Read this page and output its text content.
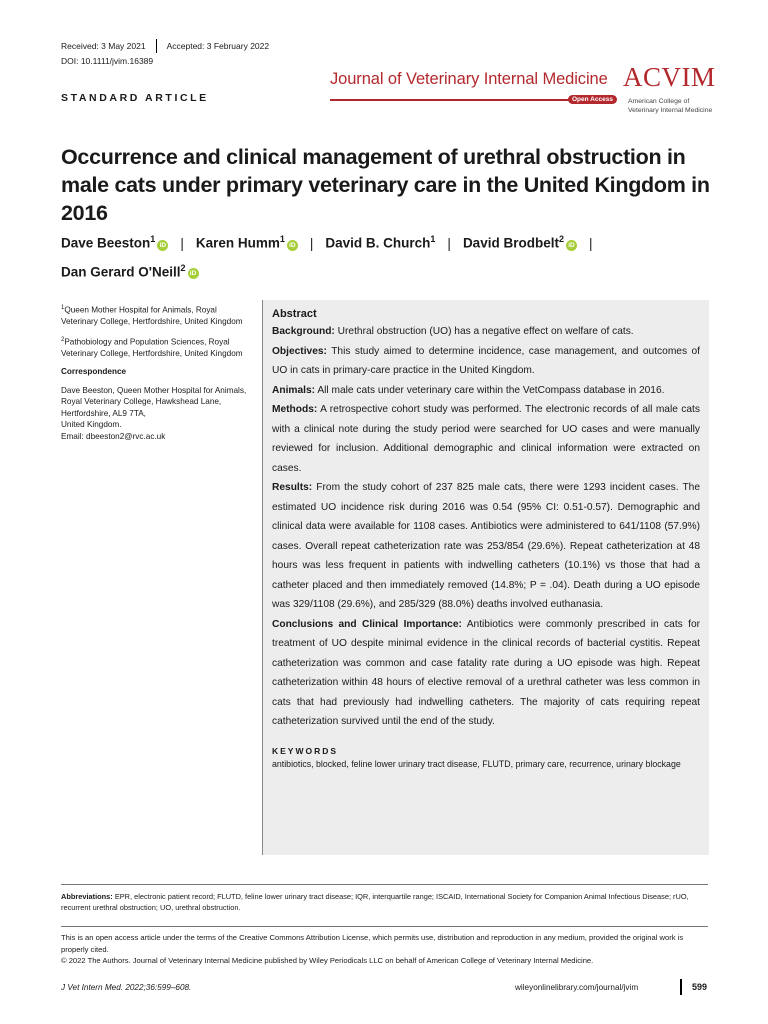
Received: 3 May 2021 Accepted: 3 February 2022
DOI: 10.1111/jvim.16389
Journal of Veterinary Internal Medicine
Open Access
ACVIM
American College of
Veterinary Internal Medicine
STANDARD ARTICLE
Occurrence and clinical management of urethral obstruction in male cats under primary veterinary care in the United Kingdom in 2016
Dave Beeston$^1$iD | Karen Humm$^1$iD | David B. Church$^1$ | David Brodbelt$^2$iD |
Dan Gerard O'Neill$^2$iD

$^1$Queen Mother Hospital for Animals, Royal Veterinary College, Hertfordshire, United Kingdom

$^2$Pathobiology and Population Sciences, Royal Veterinary College, Hertfordshire, United Kingdom

Correspondence

Dave Beeston, Queen Mother Hospital for Animals, Royal Veterinary College, Hawkshead Lane, Hertfordshire, AL9 7TA,
United Kingdom.
Email: dbeeston2@rvc.ac.uk
Abstract

Background: Urethral obstruction (UO) has a negative effect on welfare of cats.

Objectives: This study aimed to determine incidence, case management, and outcomes of UO in cats in primary-care practice in the United Kingdom.

Animals: All male cats under veterinary care within the VetCompass database in 2016.

Methods: A retrospective cohort study was performed. The electronic records of all male cats with a clinical note during the study period were searched for UO cases and were manually reviewed for inclusion. Additional demographic and clinical information were extracted on cases.

Results: From the study cohort of 237 825 male cats, there were 1293 incident cases. The estimated UO incidence risk during 2016 was 0.54 (95% CI: 0.51-0.57). Demographic and clinical data were available for 1108 cases. Antibiotics were administered to 641/1108 (57.9%) cases. Overall repeat catheterization rate was 253/854 (29.6%). Repeat catheterization at 48 hours was less frequent in patients with indwelling catheters (10.1%) vs those that had a catheter placed and then immediately removed (14.8%; P = .04). Death during a UO episode was 329/1108 (29.6%), and 285/329 (88.0%) deaths involved euthanasia.

Conclusions and Clinical Importance: Antibiotics were commonly prescribed in cats for treatment of UO despite minimal evidence in the clinical records of bacterial cystitis. Repeat catheterization was common and case fatality rate during a UO episode was high. Repeat catheterization within 48 hours of elective removal of a urethral catheter was less common in cats that had previously had indwelling catheters. The majority of cats requiring repeat catheterization survived until the end of the study.

KEYWORDS
antibiotics, blocked, feline lower urinary tract disease, FLUTD, primary care, recurrence, urinary blockage
Abbreviations: EPR, electronic patient record; FLUTD, feline lower urinary tract disease; IQR, interquartile range; ISCAID, International Society for Companion Animal Infectious Disease; rUO, recurrent urethral obstruction; UO, urethral obstruction.
This is an open access article under the terms of the Creative Commons Attribution License, which permits use, distribution and reproduction in any medium, provided the original work is properly cited.
© 2022 The Authors. Journal of Veterinary Internal Medicine published by Wiley Periodicals LLC on behalf of American College of Veterinary Internal Medicine.
J Vet Intern Med. 2022;36:599–608.	wileyonlinelibrary.com/journal/jvim	599
